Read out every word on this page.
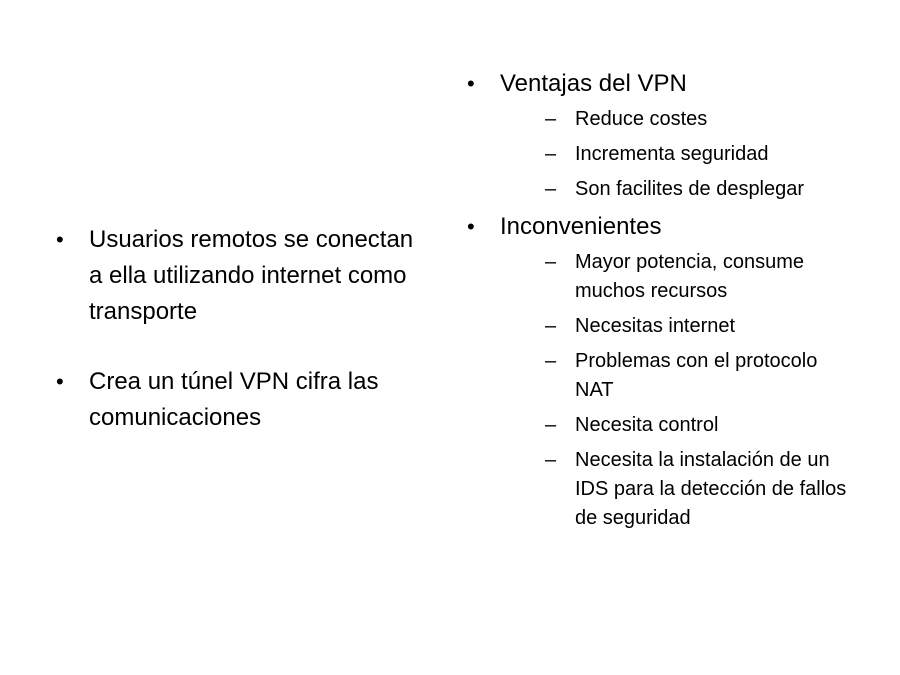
• Usuarios remotos se conectan a ella utilizando internet como transporte
• Crea un túnel VPN cifra las comunicaciones
• Ventajas del VPN
– Reduce costes
– Incrementa seguridad
– Son facilites de desplegar
• Inconvenientes
– Mayor potencia, consume muchos recursos
– Necesitas internet
– Problemas con el protocolo NAT
– Necesita control
– Necesita la instalación de un IDS para la detección de fallos de seguridad
